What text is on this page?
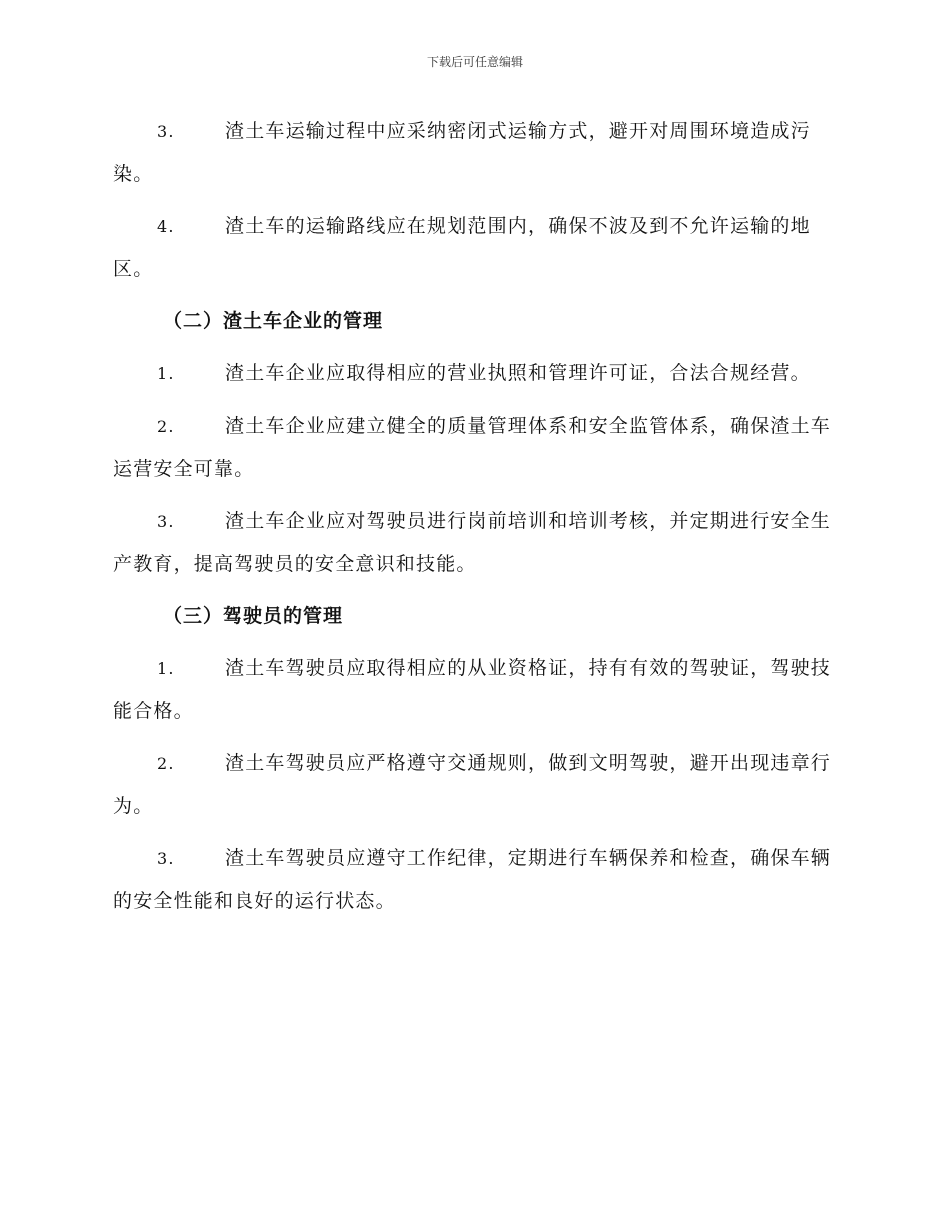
下载后可任意编辑

3.	渣土车运输过程中应采纳密闭式运输方式，避开对周围环境造成污染。

4.	渣土车的运输路线应在规划范围内，确保不波及到不允许运输的地区。

（二）渣土车企业的管理

1.	渣土车企业应取得相应的营业执照和管理许可证，合法合规经营。

2.	渣土车企业应建立健全的质量管理体系和安全监管体系，确保渣土车运营安全可靠。

3.	渣土车企业应对驾驶员进行岗前培训和培训考核，并定期进行安全生产教育，提高驾驶员的安全意识和技能。

（三）驾驶员的管理

1.	渣土车驾驶员应取得相应的从业资格证，持有有效的驾驶证，驾驶技能合格。

2.	渣土车驾驶员应严格遵守交通规则，做到文明驾驶，避开出现违章行为。

3.	渣土车驾驶员应遵守工作纪律，定期进行车辆保养和检查，确保车辆的安全性能和良好的运行状态。
